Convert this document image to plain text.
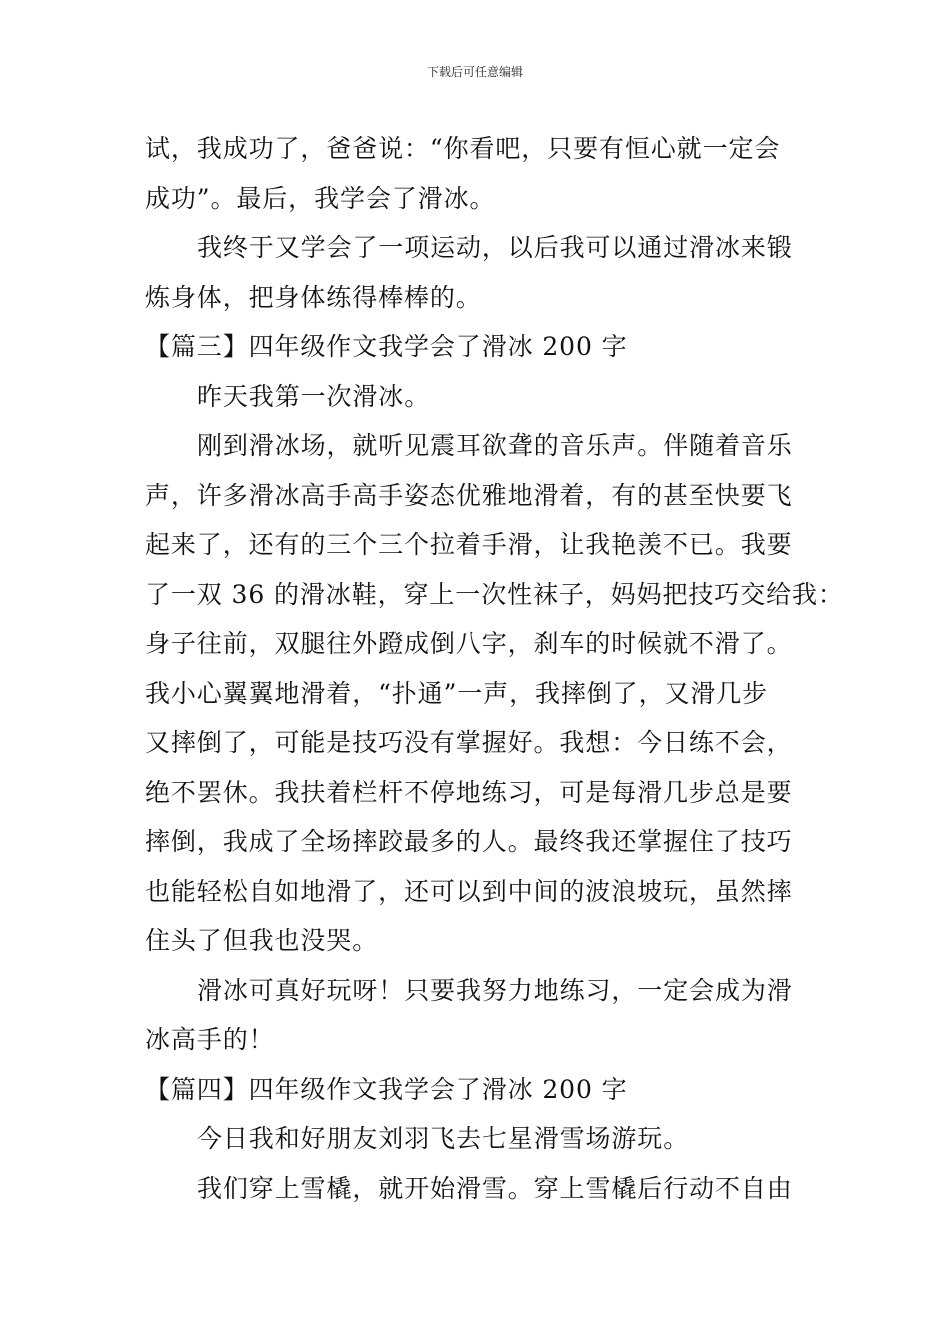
下载后可任意编辑
试，我成功了，爸爸说：“你看吧，只要有恒心就一定会
成功”。最后，我学会了滑冰。
我终于又学会了一项运动，以后我可以通过滑冰来锻
炼身体，把身体练得棒棒的。
【篇三】四年级作文我学会了滑冰 200 字
昨天我第一次滑冰。
刚到滑冰场，就听见震耳欲聋的音乐声。伴随着音乐
声，许多滑冰高手高手姿态优雅地滑着，有的甚至快要飞
起来了，还有的三个三个拉着手滑，让我艳羡不已。我要
了一双 36 的滑冰鞋，穿上一次性袜子，妈妈把技巧交给我：
身子往前，双腿往外蹬成倒八字，刹车的时候就不滑了。
我小心翼翼地滑着，“扑通”一声，我摔倒了，又滑几步
又摔倒了，可能是技巧没有掌握好。我想：今日练不会，
绝不罢休。我扶着栏杆不停地练习，可是每滑几步总是要
摔倒，我成了全场摔跤最多的人。最终我还掌握住了技巧
也能轻松自如地滑了，还可以到中间的波浪坡玩，虽然摔
住头了但我也没哭。
滑冰可真好玩呀！只要我努力地练习，一定会成为滑
冰高手的！
【篇四】四年级作文我学会了滑冰 200 字
今日我和好朋友刘羽飞去七星滑雪场游玩。
我们穿上雪橇，就开始滑雪。穿上雪橇后行动不自由
